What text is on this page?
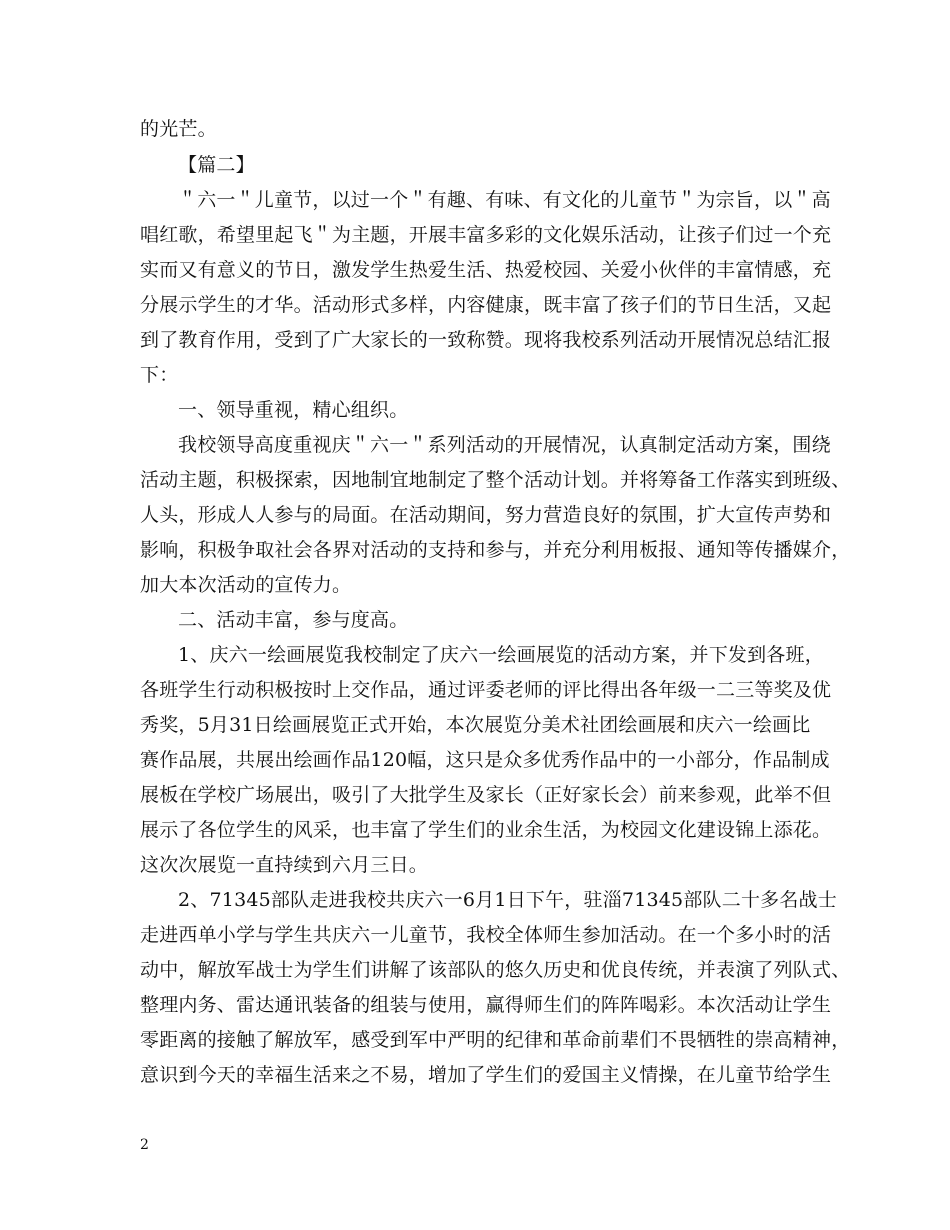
的光芒。
【篇二】
＂六一＂儿童节，以过一个＂有趣、有味、有文化的儿童节＂为宗旨，以＂高
唱红歌，希望里起飞＂为主题，开展丰富多彩的文化娱乐活动，让孩子们过一个充
实而又有意义的节日，激发学生热爱生活、热爱校园、关爱小伙伴的丰富情感，充
分展示学生的才华。活动形式多样，内容健康，既丰富了孩子们的节日生活，又起
到了教育作用，受到了广大家长的一致称赞。现将我校系列活动开展情况总结汇报
下：
一、领导重视，精心组织。
我校领导高度重视庆＂六一＂系列活动的开展情况，认真制定活动方案，围绕
活动主题，积极探索，因地制宜地制定了整个活动计划。并将筹备工作落实到班级、
人头，形成人人参与的局面。在活动期间，努力营造良好的氛围，扩大宣传声势和
影响，积极争取社会各界对活动的支持和参与，并充分利用板报、通知等传播媒介，
加大本次活动的宣传力。
二、活动丰富，参与度高。
1、庆六一绘画展览我校制定了庆六一绘画展览的活动方案，并下发到各班，
各班学生行动积极按时上交作品，通过评委老师的评比得出各年级一二三等奖及优
秀奖，5月31日绘画展览正式开始，本次展览分美术社团绘画展和庆六一绘画比
赛作品展，共展出绘画作品120幅，这只是众多优秀作品中的一小部分，作品制成
展板在学校广场展出，吸引了大批学生及家长（正好家长会）前来参观，此举不但
展示了各位学生的风采，也丰富了学生们的业余生活，为校园文化建设锦上添花。
这次次展览一直持续到六月三日。
2、71345部队走进我校共庆六一6月1日下午，驻淄71345部队二十多名战士
走进西单小学与学生共庆六一儿童节，我校全体师生参加活动。在一个多小时的活
动中，解放军战士为学生们讲解了该部队的悠久历史和优良传统，并表演了列队式、
整理内务、雷达通讯装备的组装与使用，赢得师生们的阵阵喝彩。本次活动让学生
零距离的接触了解放军，感受到军中严明的纪律和革命前辈们不畏牺牲的崇高精神，
意识到今天的幸福生活来之不易，增加了学生们的爱国主义情操，在儿童节给学生
2
